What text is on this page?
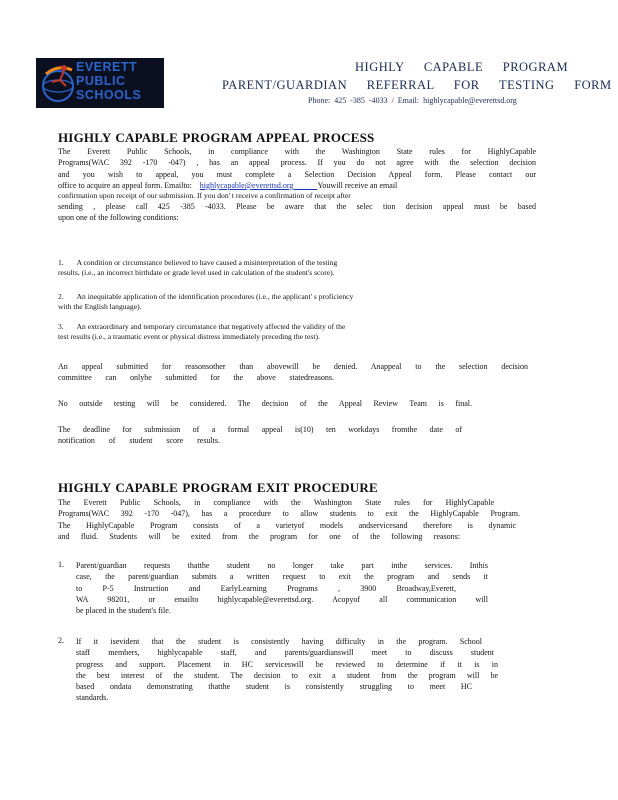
EVERETT
PUBLIC
SCHOOLS
HIGHLY CAPABLE PROGRAM
PARENT/GUARDIAN REFERRAL FOR TESTING FORM
Phone: 425 -385 -4033 / Email: highlycapable@everettsd.org
HIGHLY CAPABLE PROGRAM APPEAL PROCESS
The Everett Public Schools, in compliance with the Washington State rules for HighlyCapable
Programs(WAC 392 -170 -047) , has an appeal process. If you do not agree with the selection decision
and you wish to appeal, you must complete a Selection Decision Appeal form. Please contact our
office to acquire an appeal form. Emailto: highlycapable@everettsd.org	Youwill receive an email
confirmation upon receipt of our submission. If you don' t receive a confirmation of receipt after
sending , please call 425 -385 -4033. Please be aware that the selec tion decision appeal must be based
upon one of the following conditions:
1. A condition or circumstance believed to have caused a misinterpretation of the testing
results, (i.e., an incorrect birthdate or grade level used in calculation of the student's score).
2. An inequitable application of the identification procedures (i.e., the applicant' s proficiency
with the English language).
3. An extraordinary and temporary circumstance that negatively affected the validity of the
test results (i.e., a traumatic event or physical distress immediately preceding the test).
An appeal submitted for reasonsother than abovewill be denied. Anappeal to the selection decision
committee can onlybe submitted for the above statedreasons.
No outside testing will be considered. The decision of the Appeal Review Team is final.
The deadline for submission of a formal appeal is(10) ten workdays fromthe date of
notification of student score results.
HIGHLY CAPABLE PROGRAM EXIT PROCEDURE
The Everett Public Schools, in compliance with the Washington State rules for HighlyCapable
Programs(WAC 392 -170 -047), has a procedure to allow students to exit the HighlyCapable Program.
The HighlyCapable Program consists of a varietyof models andservicesand therefore is dynamic
and fluid. Students will be exited from the program for one of the following reasons:
1. Parent/guardian requests thatthe student no longer take part inthe services. Inthis
case, the parent/guardian submits a written request to exit the program and sends it
to P-5 Instruction and EarlyLearning Programs , 3900 Broadway,Everett,
WA 98201, or emailto highlycapable@everettsd.org. Acopyof all communication will
be placed in the student's file.
2. If it isevident that the student is consistently having difficulty in the program. School
staff members, highlycapable staff, and parents/guardianswill meet to discuss student
progress and support. Placement in HC serviceswill be reviewed to determine if it is in
the best interest of the student. The decision to exit a student from the program will be
based ondata demonstrating thatthe student is consistently struggling to meet HC
standards.
